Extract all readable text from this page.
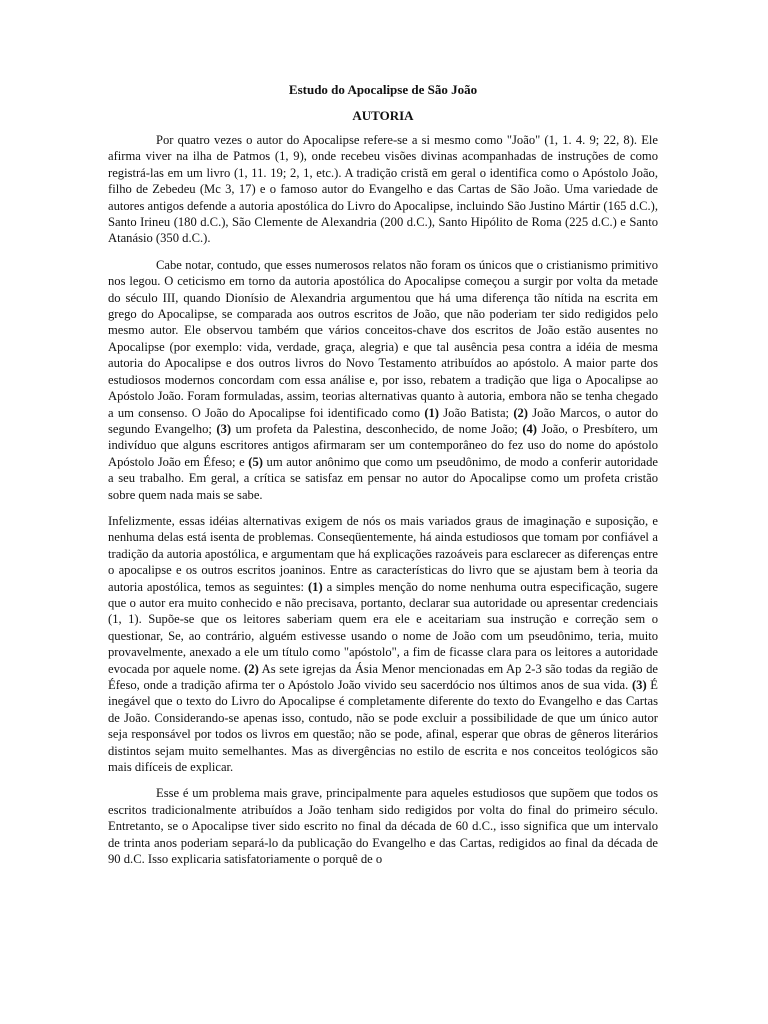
Estudo do Apocalipse de São João
AUTORIA

Por quatro vezes o autor do Apocalipse refere-se a si mesmo como "João" (1, 1. 4. 9; 22, 8). Ele afirma viver na ilha de Patmos (1, 9), onde recebeu visões divinas acompanhadas de instruções de como registrá-las em um livro (1, 11. 19; 2, 1, etc.). A tradição cristã em geral o identifica como o Apóstolo João, filho de Zebedeu (Mc 3, 17) e o famoso autor do Evangelho e das Cartas de São João. Uma variedade de autores antigos defende a autoria apostólica do Livro do Apocalipse, incluindo São Justino Mártir (165 d.C.), Santo Irineu (180 d.C.), São Clemente de Alexandria (200 d.C.), Santo Hipólito de Roma (225 d.C.) e Santo Atanásio (350 d.C.).

Cabe notar, contudo, que esses numerosos relatos não foram os únicos que o cristianismo primitivo nos legou. O ceticismo em torno da autoria apostólica do Apocalipse começou a surgir por volta da metade do século III, quando Dionísio de Alexandria argumentou que há uma diferença tão nítida na escrita em grego do Apocalipse, se comparada aos outros escritos de João, que não poderiam ter sido redigidos pelo mesmo autor. Ele observou também que vários conceitos-chave dos escritos de João estão ausentes no Apocalipse (por exemplo: vida, verdade, graça, alegria) e que tal ausência pesa contra a idéia de mesma autoria do Apocalipse e dos outros livros do Novo Testamento atribuídos ao apóstolo. A maior parte dos estudiosos modernos concordam com essa análise e, por isso, rebatem a tradição que liga o Apocalipse ao Apóstolo João. Foram formuladas, assim, teorias alternativas quanto à autoria, embora não se tenha chegado a um consenso. O João do Apocalipse foi identificado como (1) João Batista; (2) João Marcos, o autor do segundo Evangelho; (3) um profeta da Palestina, desconhecido, de nome João; (4) João, o Presbítero, um indivíduo que alguns escritores antigos afirmaram ser um contemporâneo do fez uso do nome do apóstolo Apóstolo João em Éfeso; e (5) um autor anônimo que como um pseudônimo, de modo a conferir autoridade a seu trabalho. Em geral, a crítica se satisfaz em pensar no autor do Apocalipse como um profeta cristão sobre quem nada mais se sabe.

Infelizmente, essas idéias alternativas exigem de nós os mais variados graus de imaginação e suposição, e nenhuma delas está isenta de problemas. Conseqüentemente, há ainda estudiosos que tomam por confiável a tradição da autoria apostólica, e argumentam que há explicações razoáveis para esclarecer as diferenças entre o apocalipse e os outros escritos joaninos. Entre as características do livro que se ajustam bem à teoria da autoria apostólica, temos as seguintes: (1) a simples menção do nome nenhuma outra especificação, sugere que o autor era muito conhecido e não precisava, portanto, declarar sua autoridade ou apresentar credenciais (1, 1). Supõe-se que os leitores saberiam quem era ele e aceitariam sua instrução e correção sem o questionar, Se, ao contrário, alguém estivesse usando o nome de João com um pseudônimo, teria, muito provavelmente, anexado a ele um título como "apóstolo", a fim de ficasse clara para os leitores a autoridade evocada por aquele nome. (2) As sete igrejas da Ásia Menor mencionadas em Ap 2-3 são todas da região de Éfeso, onde a tradição afirma ter o Apóstolo João vivido seu sacerdócio nos últimos anos de sua vida. (3) É inegável que o texto do Livro do Apocalipse é completamente diferente do texto do Evangelho e das Cartas de João. Considerando-se apenas isso, contudo, não se pode excluir a possibilidade de que um único autor seja responsável por todos os livros em questão; não se pode, afinal, esperar que obras de gêneros literários distintos sejam muito semelhantes. Mas as divergências no estilo de escrita e nos conceitos teológicos são mais difíceis de explicar.

Esse é um problema mais grave, principalmente para aqueles estudiosos que supõem que todos os escritos tradicionalmente atribuídos a João tenham sido redigidos por volta do final do primeiro século. Entretanto, se o Apocalipse tiver sido escrito no final da década de 60 d.C., isso significa que um intervalo de trinta anos poderiam separá-lo da publicação do Evangelho e das Cartas, redigidos ao final da década de 90 d.C. Isso explicaria satisfatoriamente o porquê de o
